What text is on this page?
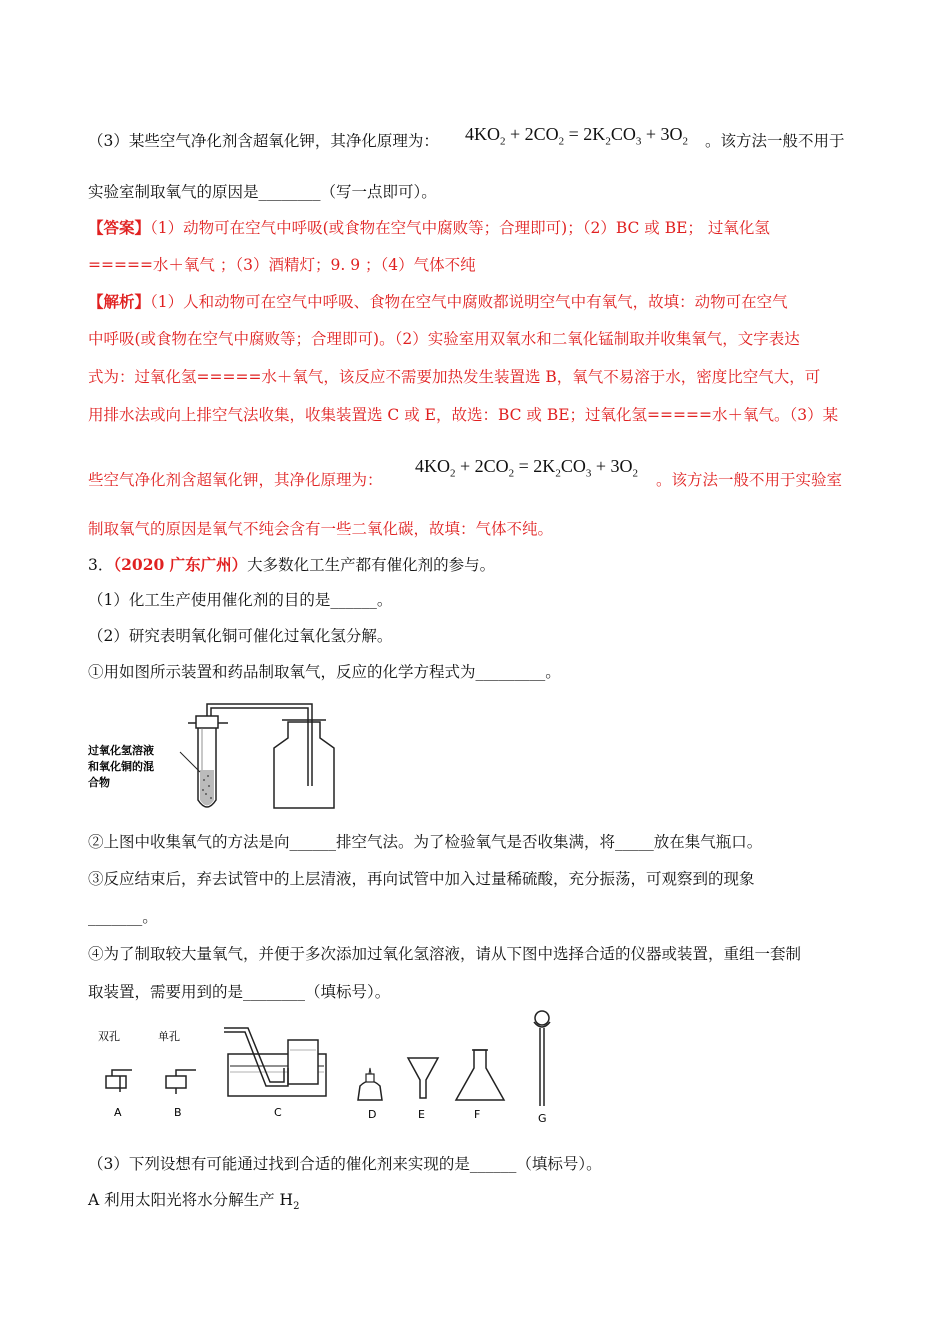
（3）某些空气净化剂含超氧化钾，其净化原理为： $4KO_2 + 2CO_2 = 2K_2CO_3 + 3O_2$ 。该方法一般不用于
实验室制取氧气的原因是________（写一点即可）。
【答案】（1）动物可在空气中呼吸(或食物在空气中腐败等；合理即可)；（2）BC 或 BE； 过氧化氢
=====水＋氧气 ；（3）酒精灯；9. 9 ；（4）气体不纯
【解析】（1）人和动物可在空气中呼吸、食物在空气中腐败都说明空气中有氧气，故填：动物可在空气
中呼吸(或食物在空气中腐败等；合理即可)。（2）实验室用双氧水和二氧化锰制取并收集氧气，文字表达
式为：过氧化氢=====水＋氧气，该反应不需要加热发生装置选 B，氧气不易溶于水，密度比空气大，可
用排水法或向上排空气法收集，收集装置选 C 或 E，故选：BC 或 BE；过氧化氢=====水＋氧气。（3）某
些空气净化剂含超氧化钾，其净化原理为：
$4KO_2 + 2CO_2 = 2K_2CO_3 + 3O_2$ 。该方法一般不用于实验室
制取氧气的原因是氧气不纯会含有一些二氧化碳，故填：气体不纯。
3．（2020 广东广州）大多数化工生产都有催化剂的参与。
（1）化工生产使用催化剂的目的是______。
（2）研究表明氧化铜可催化过氧化氢分解。
①用如图所示装置和药品制取氧气，反应的化学方程式为_________。
过氧化氢溶液
和氧化铜的混
合物
②上图中收集氧气的方法是向______排空气法。为了检验氧气是否收集满，将_____放在集气瓶口。
③反应结束后，弃去试管中的上层清液，再向试管中加入过量稀硫酸，充分振荡，可观察到的现象
_______。
④为了制取较大量氧气，并便于多次添加过氧化氢溶液，请从下图中选择合适的仪器或装置，重组一套制
取装置，需要用到的是________（填标号）。
双孔	单孔
A	B	C	D	E	F	G
（3）下列设想有可能通过找到合适的催化剂来实现的是______（填标号）。
A 利用太阳光将水分解生产 $H_2$
